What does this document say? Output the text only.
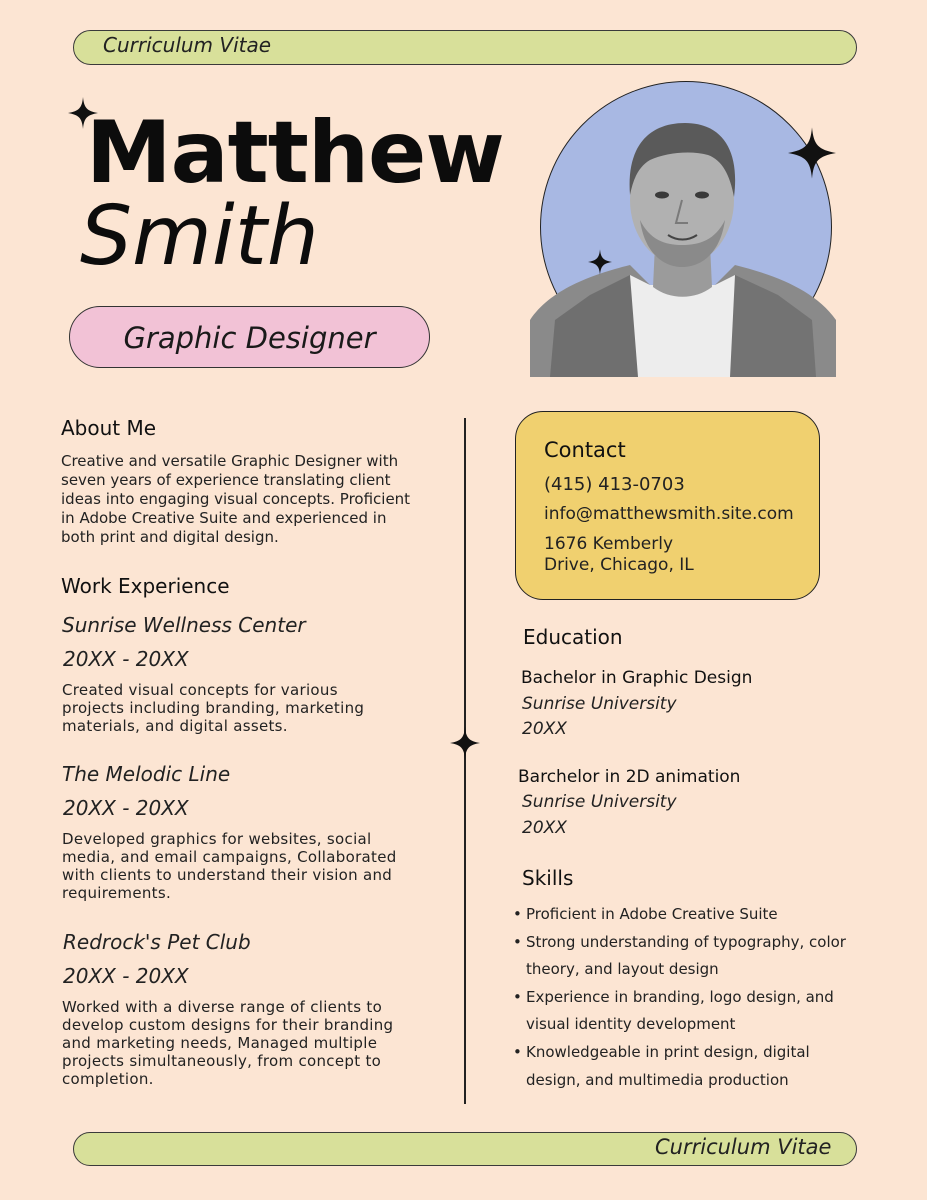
Curriculum Vitae
Matthew
Smith
Graphic Designer
About Me
Creative and versatile Graphic Designer with
seven years of experience translating client
ideas into engaging visual concepts. Proficient
in Adobe Creative Suite and experienced in
both print and digital design.
Work Experience
Sunrise Wellness Center
20XX - 20XX
Created visual concepts for various
projects including branding, marketing
materials, and digital assets.
The Melodic Line
20XX - 20XX
Developed graphics for websites, social
media, and email campaigns, Collaborated
with clients to understand their vision and
requirements.
Redrock's Pet Club
20XX - 20XX
Worked with a diverse range of clients to
develop custom designs for their branding
and marketing needs, Managed multiple
projects simultaneously, from concept to
completion.
Contact
(415) 413-0703
info@matthewsmith.site.com
1676 Kemberly
Drive, Chicago, IL
Education
Bachelor in Graphic Design
Sunrise University
20XX
Barchelor in 2D animation
Sunrise University
20XX
Skills
• Proficient in Adobe Creative Suite
• Strong understanding of typography, color
theory, and layout design
• Experience in branding, logo design, and
visual identity development
• Knowledgeable in print design, digital
design, and multimedia production
Curriculum Vitae
